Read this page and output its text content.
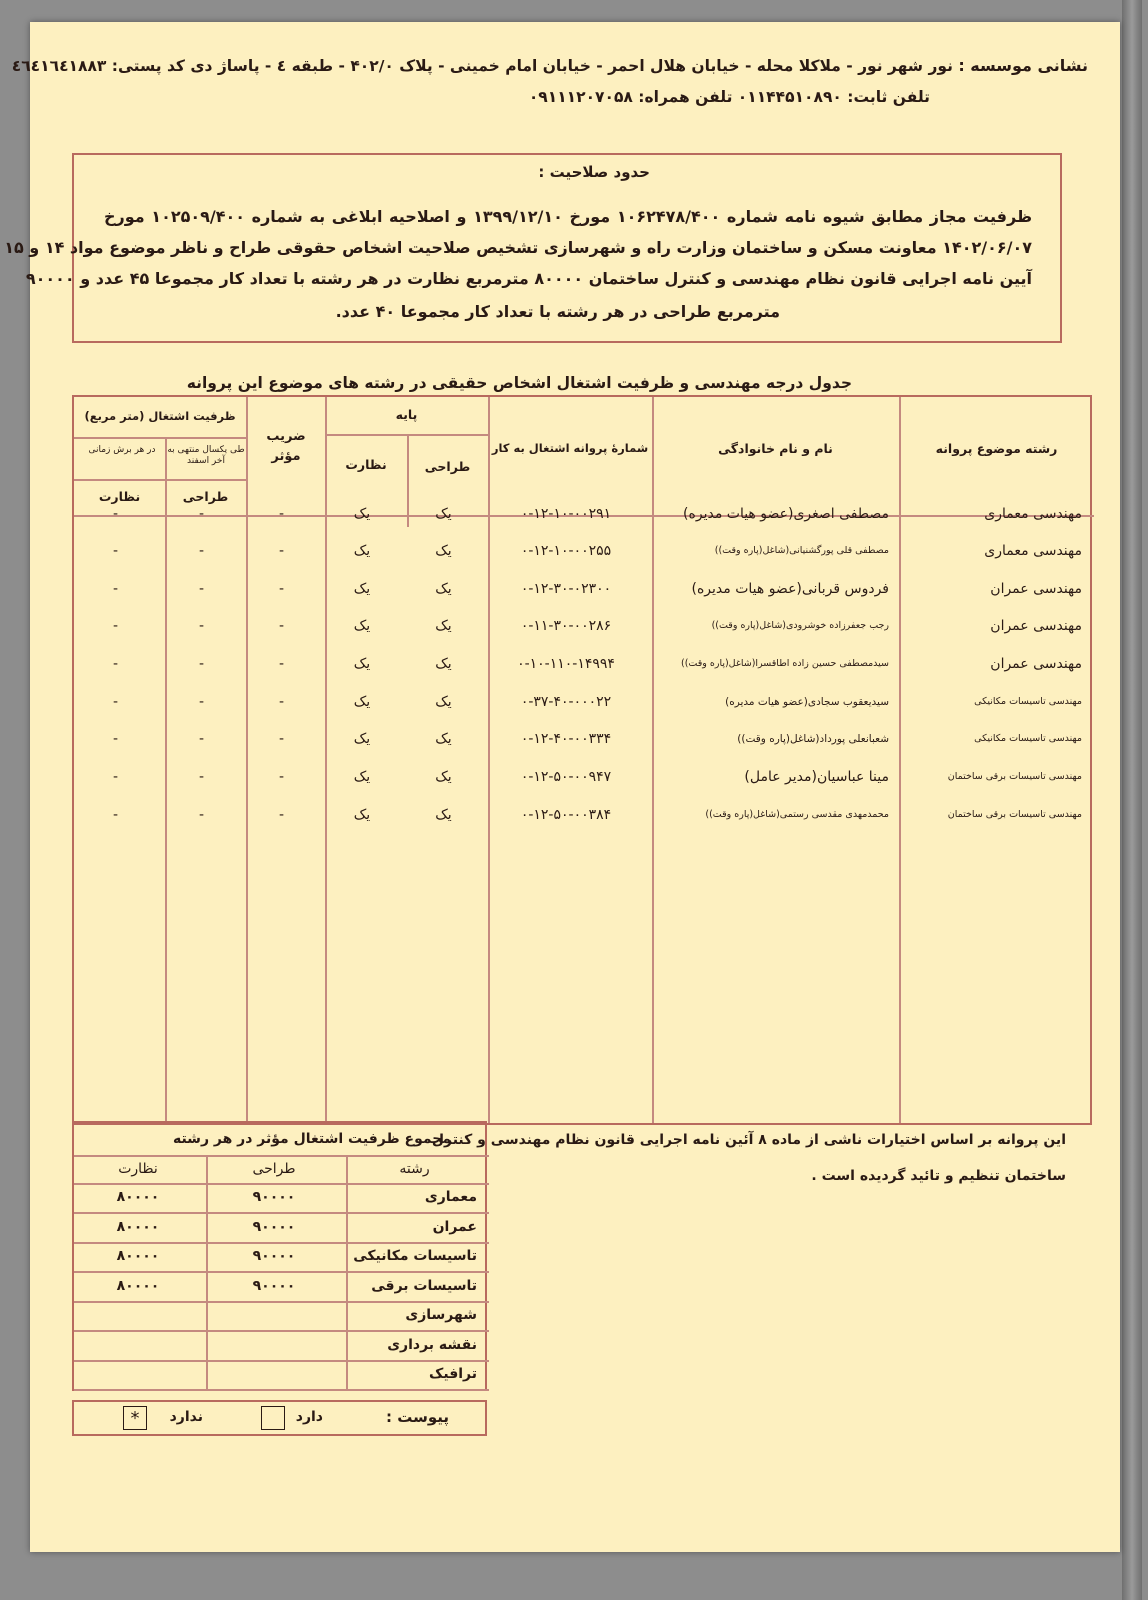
نشانی موسسه : نور شهر نور - ملاکلا محله - خیابان هلال احمر - خیابان امام خمینی - پلاک ۴۰۲/۰ - طبقه ٤ - پاساژ دی کد پستی: ٤٦٤١٦٤١٨٨٣
تلفن ثابت: ۰۱۱۴۴۵۱۰۸۹۰ تلفن همراه: ۰۹۱۱۱۲۰۷۰۵۸
حدود صلاحیت :
ظرفیت مجاز مطابق شیوه نامه شماره ۱۰۶۲۴۷۸/۴۰۰ مورخ ۱۳۹۹/۱۲/۱۰ و اصلاحیه ابلاغی به شماره ۱۰۲۵۰۹/۴۰۰ مورخ
۱۴۰۲/۰۶/۰۷ معاونت مسکن و ساختمان وزارت راه و شهرسازی تشخیص صلاحیت اشخاص حقوقی طراح و ناظر موضوع مواد ۱۴ و ۱۵
آیین نامه اجرایی قانون نظام مهندسی و کنترل ساختمان ۸۰۰۰۰ مترمربع نظارت در هر رشته با تعداد کار مجموعا ۴۵ عدد و ۹۰۰۰۰
مترمربع طراحی در هر رشته با تعداد کار مجموعا ۴۰ عدد.
جدول درجه مهندسی و ظرفیت اشتغال اشخاص حقیقی در رشته های موضوع این پروانه
رشته موضوع پروانه
نام و نام خانوادگی
شمارۀ پروانه اشتغال به کار
پایه
طراحی
نظارت
ضریب مؤثر
ظرفیت اشتغال (متر مربع)
طی یکسال منتهی به آخر اسفند
در هر برش زمانی
طراحی
نظارت
مهندسی معماری
مصطفی اصغری(عضو هیات مدیره)
۰-۱۲-۱۰-۰۰۲۹۱
یک
یک
-
-
-
مهندسی معماری
مصطفی قلی پورگشنیانی(شاغل(پاره وقت))
۰-۱۲-۱۰-۰۰۲۵۵
یک
یک
-
-
-
مهندسی عمران
فردوس قربانی(عضو هیات مدیره)
۰-۱۲-۳۰-۰۲۳۰۰
یک
یک
-
-
-
مهندسی عمران
رجب جعفرزاده خوشرودی(شاغل(پاره وقت))
۰-۱۱-۳۰-۰۰۲۸۶
یک
یک
-
-
-
مهندسی عمران
سیدمصطفی حسین زاده اطاقسرا(شاغل(پاره وقت))
۰-۱۰-۱۱۰-۱۴۹۹۴
یک
یک
-
-
-
مهندسی تاسیسات مکانیکی
سیدیعقوب سجادی(عضو هیات مدیره)
۰-۳۷-۴۰-۰۰۰۲۲
یک
یک
-
-
-
مهندسی تاسیسات مکانیکی
شعبانعلی پورداد(شاغل(پاره وقت))
۰-۱۲-۴۰-۰۰۳۳۴
یک
یک
-
-
-
مهندسی تاسیسات برقی ساختمان
مینا عباسیان(مدیر عامل)
۰-۱۲-۵۰-۰۰۹۴۷
یک
یک
-
-
-
مهندسی تاسیسات برقی ساختمان
محمدمهدی مقدسی رستمی(شاغل(پاره وقت))
۰-۱۲-۵۰-۰۰۳۸۴
یک
یک
-
-
-
مجموع ظرفیت اشتغال مؤثر در هر رشته
رشته
طراحی
نظارت
معماری
۹۰۰۰۰
۸۰۰۰۰
عمران
۹۰۰۰۰
۸۰۰۰۰
تاسیسات مکانیکی
۹۰۰۰۰
۸۰۰۰۰
تاسیسات برقی
۹۰۰۰۰
۸۰۰۰۰
شهرسازی
نقشه برداری
ترافیک
پیوست :
دارد
ندارد
*
این پروانه بر اساس اختیارات ناشی از ماده ۸ آئین نامه اجرایی قانون نظام مهندسی و کنترل
ساختمان تنظیم و تائید گردیده است .
